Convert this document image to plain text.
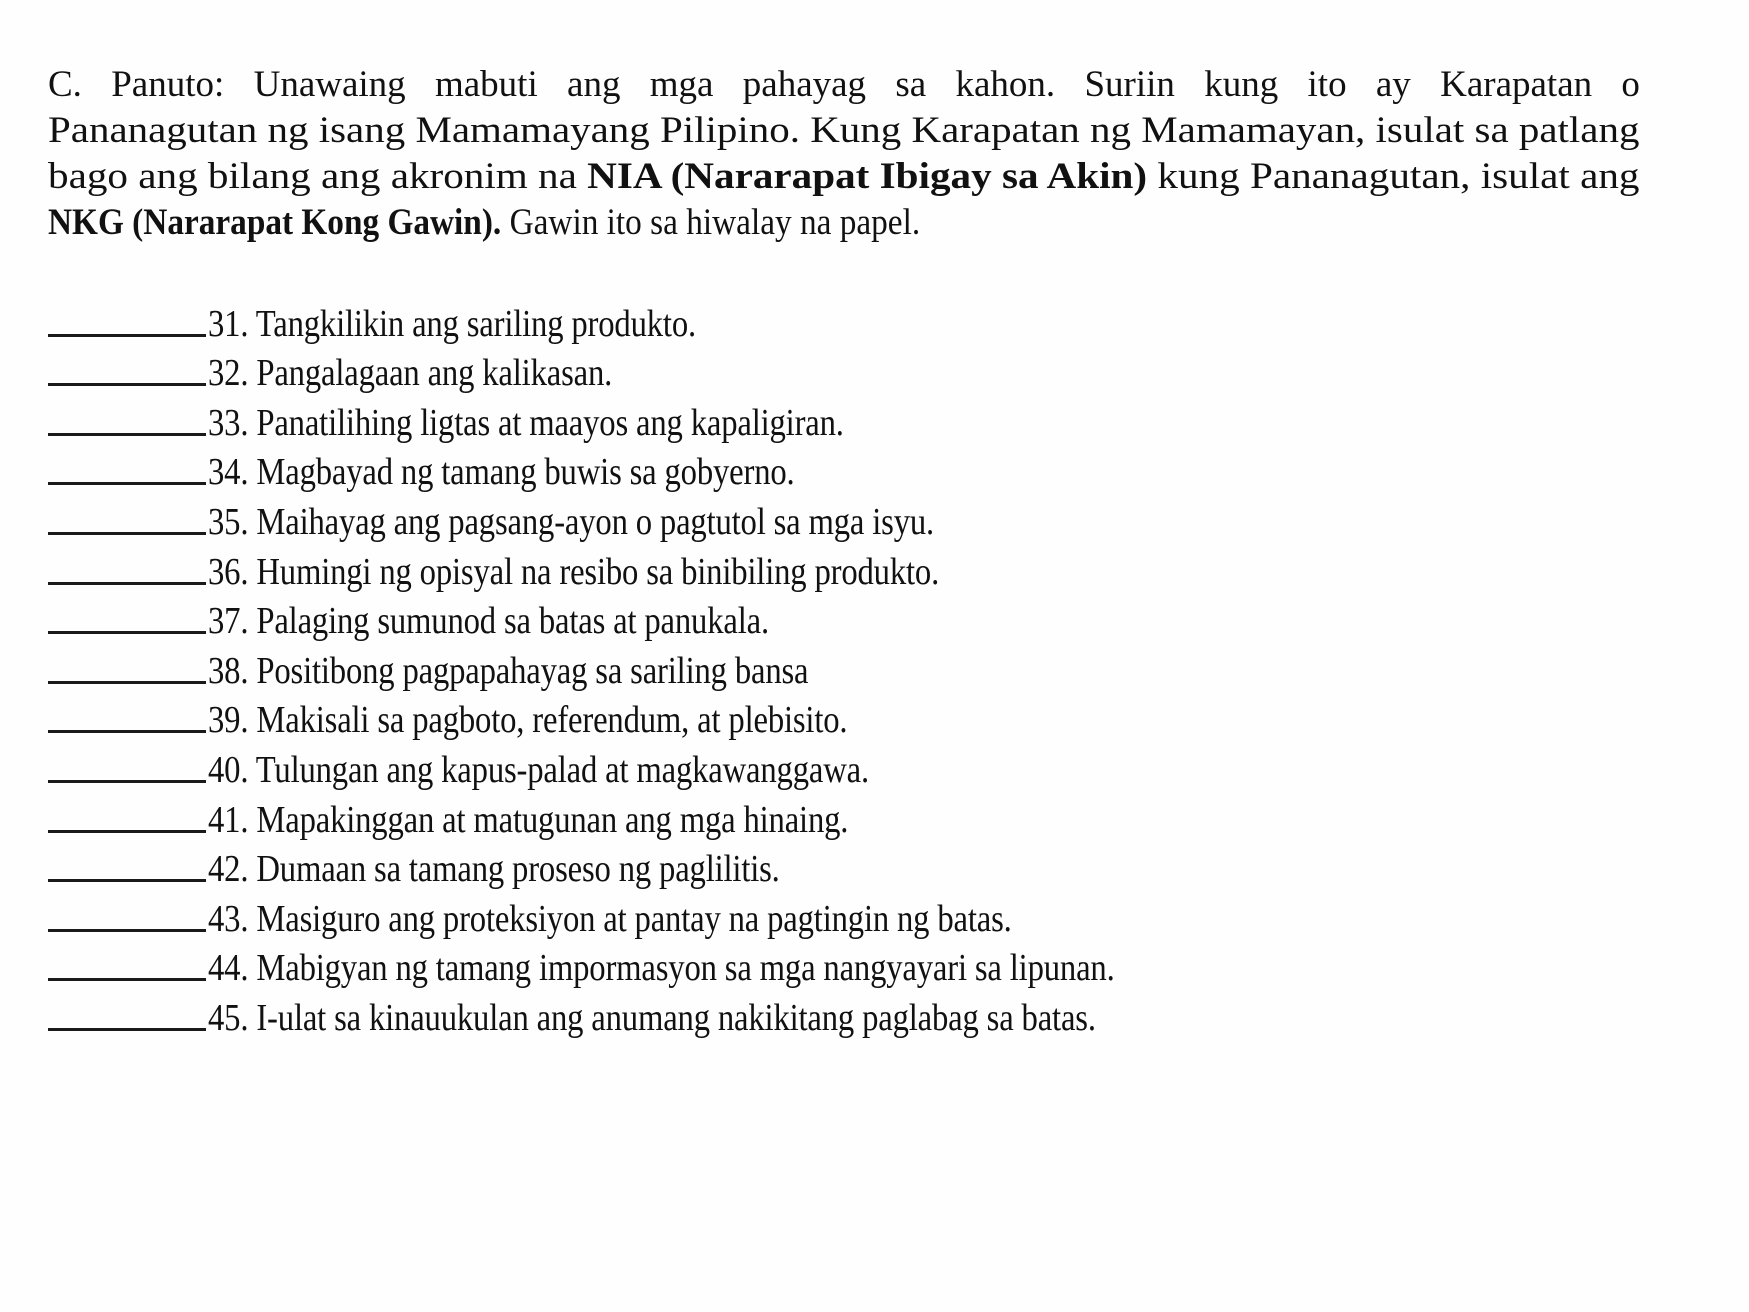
C. Panuto: Unawaing mabuti ang mga pahayag sa kahon. Suriin kung ito ay Karapatan o
Pananagutan ng isang Mamamayang Pilipino. Kung Karapatan ng Mamamayan, isulat sa patlang
bago ang bilang ang akronim na NIA (Nararapat Ibigay sa Akin) kung Pananagutan, isulat ang
NKG (Nararapat Kong Gawin). Gawin ito sa hiwalay na papel.
31. Tangkilikin ang sariling produkto.
32. Pangalagaan ang kalikasan.
33. Panatilihing ligtas at maayos ang kapaligiran.
34. Magbayad ng tamang buwis sa gobyerno.
35. Maihayag ang pagsang-ayon o pagtutol sa mga isyu.
36. Humingi ng opisyal na resibo sa binibiling produkto.
37. Palaging sumunod sa batas at panukala.
38. Positibong pagpapahayag sa sariling bansa
39. Makisali sa pagboto, referendum, at plebisito.
40. Tulungan ang kapus-palad at magkawanggawa.
41. Mapakinggan at matugunan ang mga hinaing.
42. Dumaan sa tamang proseso ng paglilitis.
43. Masiguro ang proteksiyon at pantay na pagtingin ng batas.
44. Mabigyan ng tamang impormasyon sa mga nangyayari sa lipunan.
45. I-ulat sa kinauukulan ang anumang nakikitang paglabag sa batas.
